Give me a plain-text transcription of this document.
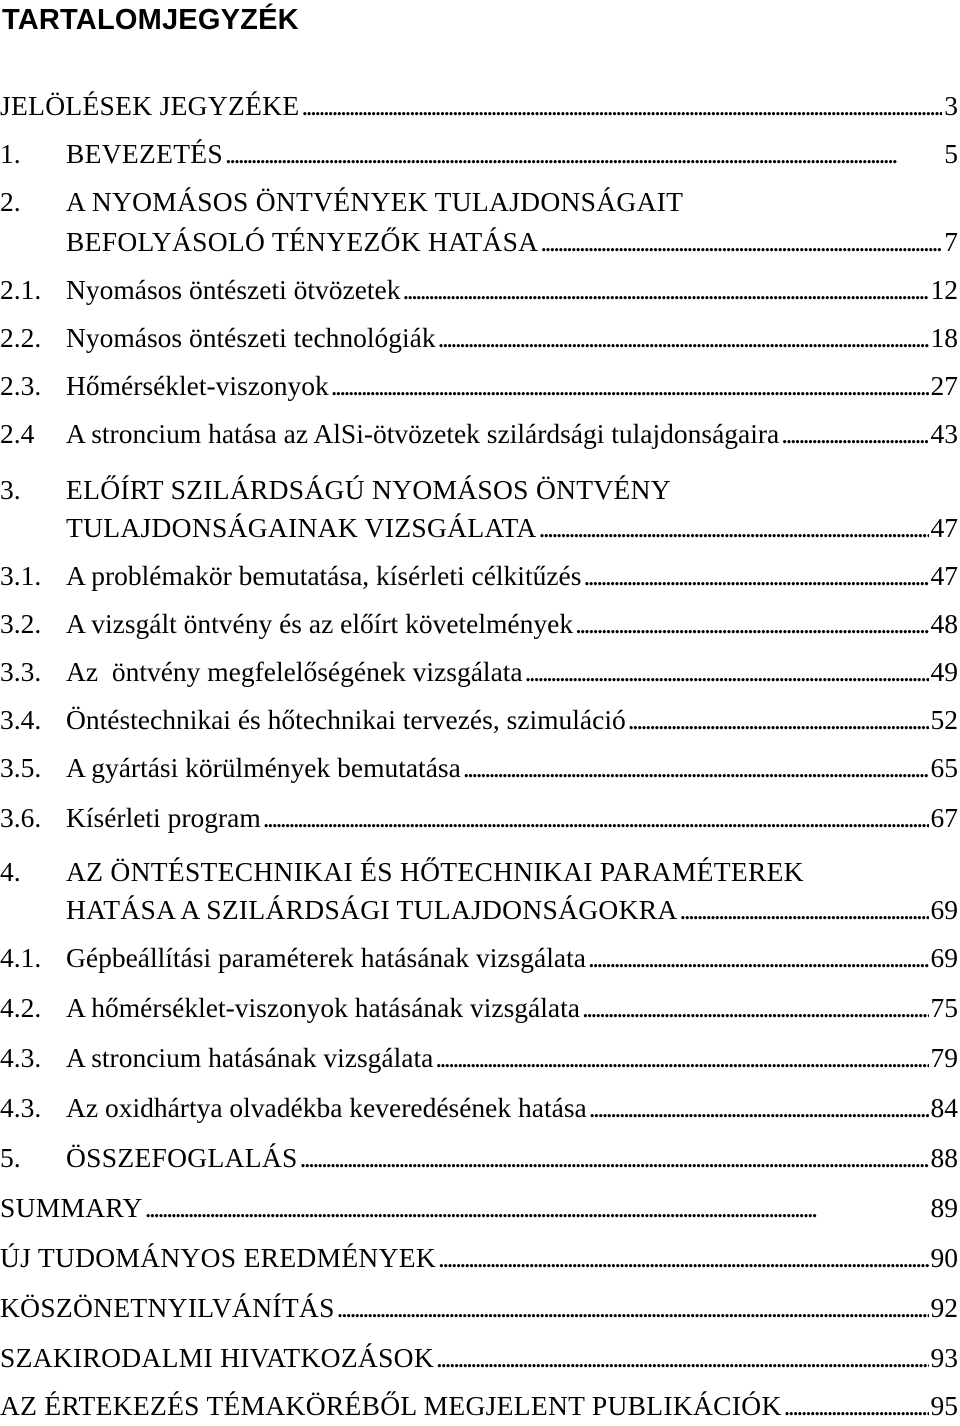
TARTALOMJEGYZÉK
JELÖLÉSEK JEGYZÉKE . . .	3
1.	BEVEZETÉS . . .	5
2.	A NYOMÁSOS ÖNTVÉNYEK TULAJDONSÁGAIT
BEFOLYÁSOLÓ TÉNYEZŐK HATÁSA . . .	7
2.1. Nyomásos öntészeti ötvözetek . . .	12
2.2. Nyomásos öntészeti technológiák . . .	18
2.3. Hőmérséklet-viszonyok . . .	27
2.4	A stroncium hatása az AlSi-ötvözetek szilárdsági tulajdonságaira . . .	43
3.	ELŐÍRT SZILÁRDSÁGÚ NYOMÁSOS ÖNTVÉNY
TULAJDONSÁGAINAK VIZSGÁLATA . . .	47
3.1. A problémakör bemutatása, kísérleti célkitűzés . . .	47
3.2. A vizsgált öntvény és az előírt követelmények . . .	48
3.3. Az  öntvény megfelelőségének vizsgálata . . .	49
3.4. Öntéstechnikai és hőtechnikai tervezés, szimuláció . . .	52
3.5. A gyártási körülmények bemutatása . . .	65
3.6. Kísérleti program . . .	67
4.	AZ ÖNTÉSTECHNIKAI ÉS HŐTECHNIKAI PARAMÉTEREK
HATÁSA A SZILÁRDSÁGI TULAJDONSÁGOKRA . . .	69
4.1. Gépbeállítási paraméterek hatásának vizsgálata . . .	69
4.2. A hőmérséklet-viszonyok hatásának vizsgálata . . .	75
4.3. A stroncium hatásának vizsgálata . . .	79
4.3. Az oxidhártya olvadékba keveredésének hatása . . .	84
5.	ÖSSZEFOGLALÁS . . .	88
SUMMARY . . .	89
ÚJ TUDOMÁNYOS EREDMÉNYEK . . .	90
KÖSZÖNETNYILVÁNÍTÁS . . .	92
SZAKIRODALMI HIVATKOZÁSOK . . .	93
AZ ÉRTEKEZÉS TÉMAKÖRÉBŐL MEGJELENT PUBLIKÁCIÓK . . .	95
